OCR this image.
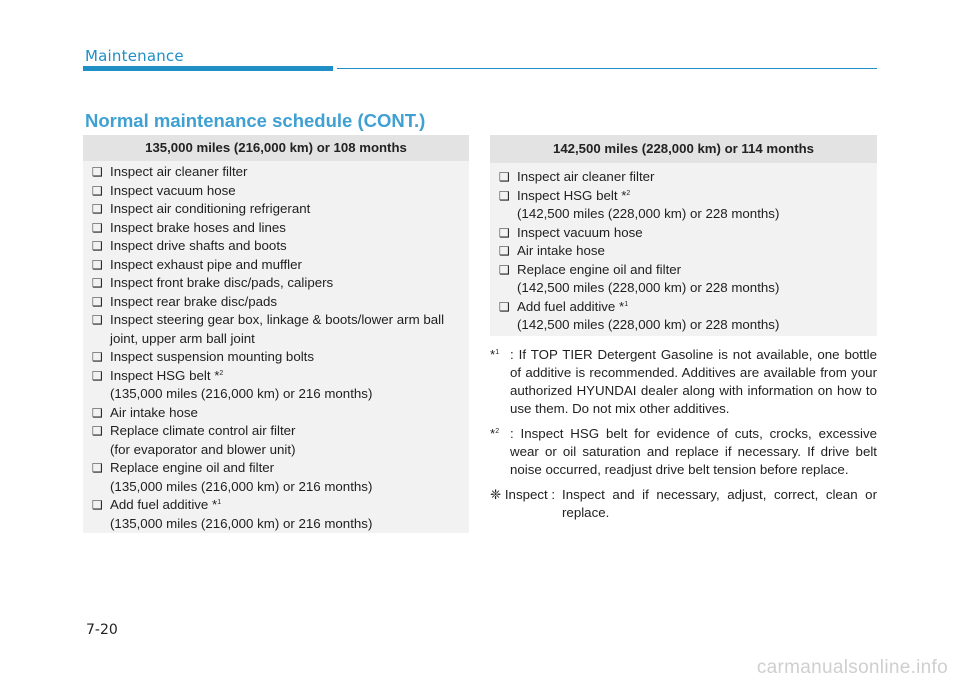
Maintenance
Normal maintenance schedule (CONT.)
135,000 miles (216,000 km) or 108 months
❑ Inspect air cleaner filter
❑ Inspect vacuum hose
❑ Inspect air conditioning refrigerant
❑ Inspect brake hoses and lines
❑ Inspect drive shafts and boots
❑ Inspect exhaust pipe and muffler
❑ Inspect front brake disc/pads, calipers
❑ Inspect rear brake disc/pads
❑ Inspect steering gear box, linkage & boots/lower arm ball
joint, upper arm ball joint
❑ Inspect suspension mounting bolts
❑ Inspect HSG belt *$^2$
(135,000 miles (216,000 km) or 216 months)
❑ Air intake hose
❑ Replace climate control air filter
(for evaporator and blower unit)
❑ Replace engine oil and filter
(135,000 miles (216,000 km) or 216 months)
❑ Add fuel additive *$^1$
(135,000 miles (216,000 km) or 216 months)
142,500 miles (228,000 km) or 114 months
❑ Inspect air cleaner filter
❑ Inspect HSG belt *$^2$
(142,500 miles (228,000 km) or 228 months)
❑ Inspect vacuum hose
❑ Air intake hose
❑ Replace engine oil and filter
(142,500 miles (228,000 km) or 228 months)
❑ Add fuel additive *$^1$
(142,500 miles (228,000 km) or 228 months)
*$^1$ : If TOP TIER Detergent Gasoline is not available, one bottle of additive is recommended. Additives are available from your authorized HYUNDAI dealer along with information on how to use them. Do not mix other additives.
*$^2$ : Inspect HSG belt for evidence of cuts, crocks, excessive wear or oil saturation and replace if necessary. If drive belt noise occurred, readjust drive belt tension before replace.
❈ Inspect : Inspect and if necessary, adjust, correct, clean or replace.
7-20
carmanualsonline.info
